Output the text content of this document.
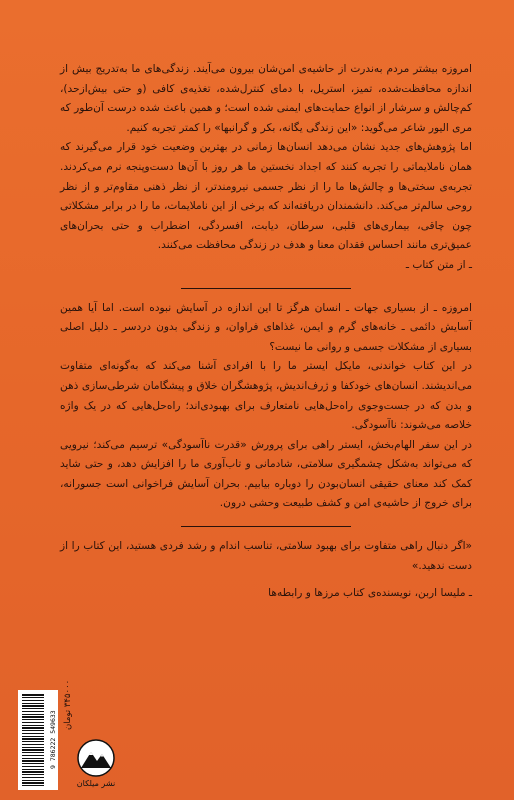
امروزه بیشتر مردم به‌ندرت از حاشیه‌ی امن‌شان بیرون می‌آیند. زندگی‌های ما به‌تدریج بیش از اندازه محافظت‌شده، تمیز، استریل، با دمای کنترل‌شده، تغذیه‌ی کافی (و حتی بیش‌ازحد)، کم‌چالش و سرشار از انواع حمایت‌های ایمنی شده است؛ و همین باعث شده درست آن‌طور که مری الیور شاعر می‌گوید: «این زندگی یگانه، بکر و گرانبها» را کمتر تجربه کنیم.

اما پژوهش‌های جدید نشان می‌دهد انسان‌ها زمانی در بهترین وضعیت خود قرار می‌گیرند که همان ناملایماتی را تجربه کنند که اجداد نخستین ما هر روز با آن‌ها دست‌وپنجه نرم می‌کردند. تجربه‌ی سختی‌ها و چالش‌ها ما را از نظر جسمی نیرومندتر، از نظر ذهنی مقاوم‌تر و از نظر روحی سالم‌تر می‌کند. دانشمندان دریافته‌اند که برخی از این ناملایمات، ما را در برابر مشکلاتی چون چاقی، بیماری‌های قلبی، سرطان، دیابت، افسردگی، اضطراب و حتی بحران‌های عمیق‌تری مانند احساس فقدان معنا و هدف در زندگی محافظت می‌کنند.

ـ از متن کتاب ـ

امروزه ـ از بسیاری جهات ـ انسان هرگز تا این اندازه در آسایش نبوده است. اما آیا همین آسایش دائمی ـ خانه‌های گرم و ایمن، غذاهای فراوان، و زندگی بدون دردسر ـ دلیل اصلی بسیاری از مشکلات جسمی و روانی ما نیست؟

در این کتاب خواندنی، مایکل ایستر ما را با افرادی آشنا می‌کند که به‌گونه‌ای متفاوت می‌اندیشند. انسان‌های خودکفا و ژرف‌اندیش، پژوهشگران خلاق و پیشگامان شرطی‌سازی ذهن و بدن که در جست‌وجوی راه‌حل‌هایی نامتعارف برای بهبودی‌اند؛ راه‌حل‌هایی که در یک واژه خلاصه می‌شوند: ناآسودگی.

در این سفر الهام‌بخش، ایستر راهی برای پرورش «قدرت ناآسودگی» ترسیم می‌کند؛ نیرویی که می‌تواند به‌شکل چشمگیری سلامتی، شادمانی و تاب‌آوری ما را افزایش دهد، و حتی شاید کمک کند معنای حقیقی انسان‌بودن را دوباره بیابیم. بحران آسایش فراخوانی است جسورانه، برای خروج از حاشیه‌ی امن و کشف طبیعت وحشی درون.

«اگر دنبال راهی متفاوت برای بهبود سلامتی، تناسب اندام و رشد فردی هستید، این کتاب را از دست ندهید.»

ـ ملیسا اربن، نویسنده‌ی کتاب مرزها و رابطه‌ها

9 786222 549633 ۳۴۵۰۰۰ تومان
نشر میلکان
